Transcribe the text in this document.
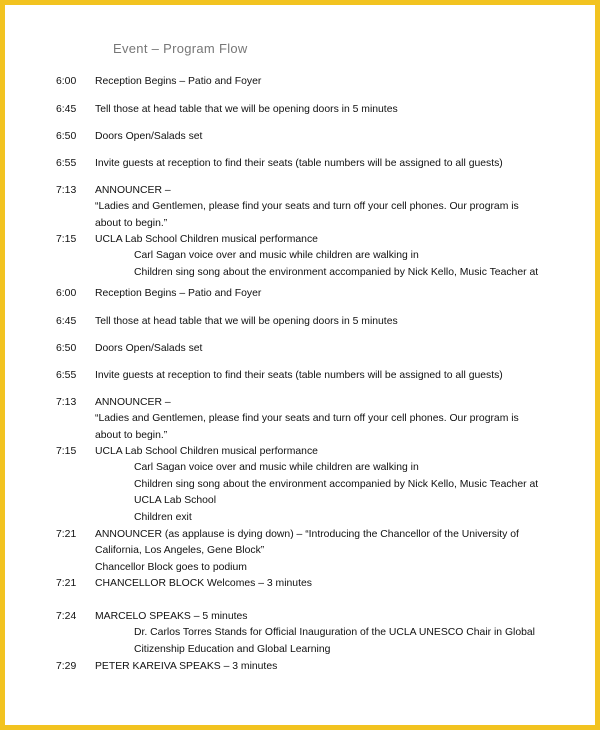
Event – Program Flow
6:00 Reception Begins – Patio and Foyer
6:45 Tell those at head table that we will be opening doors in 5 minutes
6:50 Doors Open/Salads set
6:55 Invite guests at reception to find their seats (table numbers will be assigned to all guests)
7:13 ANNOUNCER –
“Ladies and Gentlemen, please find your seats and turn off your cell phones. Our program is
about to begin.”
7:15 UCLA Lab School Children musical performance
Carl Sagan voice over and music while children are walking in
Children sing song about the environment accompanied by Nick Kello, Music Teacher at
6:00 Reception Begins – Patio and Foyer
6:45 Tell those at head table that we will be opening doors in 5 minutes
6:50 Doors Open/Salads set
6:55 Invite guests at reception to find their seats (table numbers will be assigned to all guests)
7:13 ANNOUNCER –
“Ladies and Gentlemen, please find your seats and turn off your cell phones. Our program is
about to begin.”
7:15 UCLA Lab School Children musical performance
Carl Sagan voice over and music while children are walking in
Children sing song about the environment accompanied by Nick Kello, Music Teacher at
UCLA Lab School
Children exit
7:21 ANNOUNCER (as applause is dying down) – “Introducing the Chancellor of the University of
California, Los Angeles, Gene Block”
Chancellor Block goes to podium
7:21 CHANCELLOR BLOCK Welcomes – 3 minutes
7:24 MARCELO SPEAKS – 5 minutes
Dr. Carlos Torres Stands for Official Inauguration of the UCLA UNESCO Chair in Global
Citizenship Education and Global Learning
7:29 PETER KAREIVA SPEAKS – 3 minutes
